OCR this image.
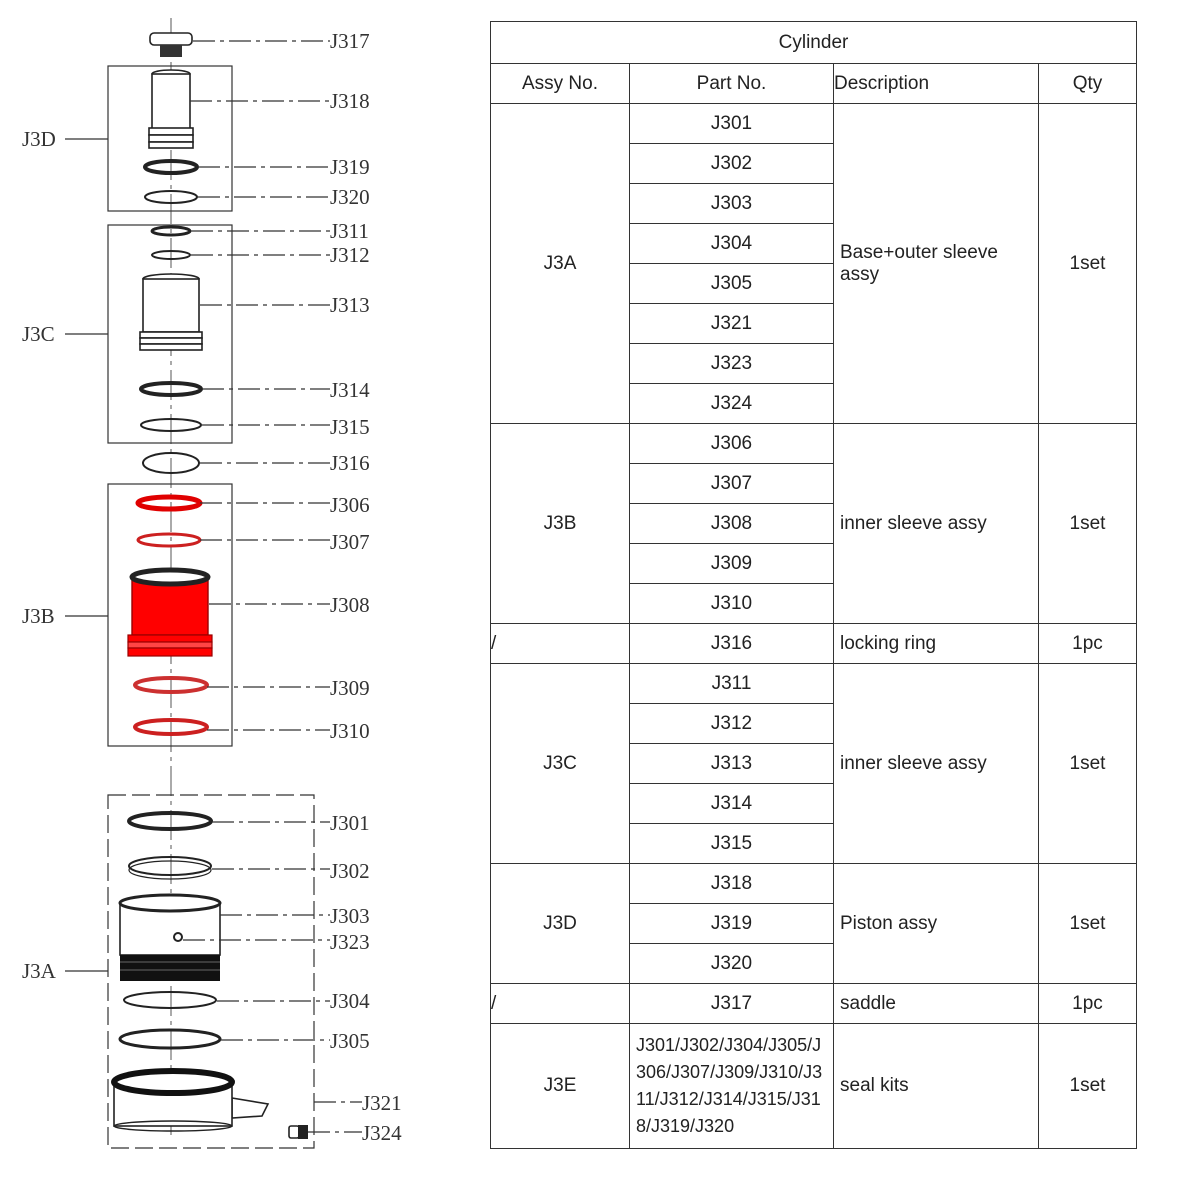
J3D
J3C
J3B
J3A
J317
J318
J319
J320
J311
J312
J313
J314
J315
J316
J306
J307
J308
J309
J310
J301
J302
J303
J323
J304
J305
J321
J324
Cylinder			
Assy No.	Part No.	Description	Qty
J3A	J301	Base+outer sleeve assy	1set
	J302		
	J303		
	J304		
	J305		
	J321		
	J323		
	J324		
J3B	J306	inner sleeve assy	1set
	J307		
	J308		
	J309		
	J310		
/	J316	locking ring	1pc
J3C	J311	inner sleeve assy	1set
	J312		
	J313		
	J314		
	J315		
J3D	J318	Piston assy	1set
	J319		
	J320		
/	J317	saddle	1pc
J3E	J301/J302/J304/J305/J306/J307/J309/J310/J311/J312/J314/J315/J318/J319/J320	seal kits	1set
